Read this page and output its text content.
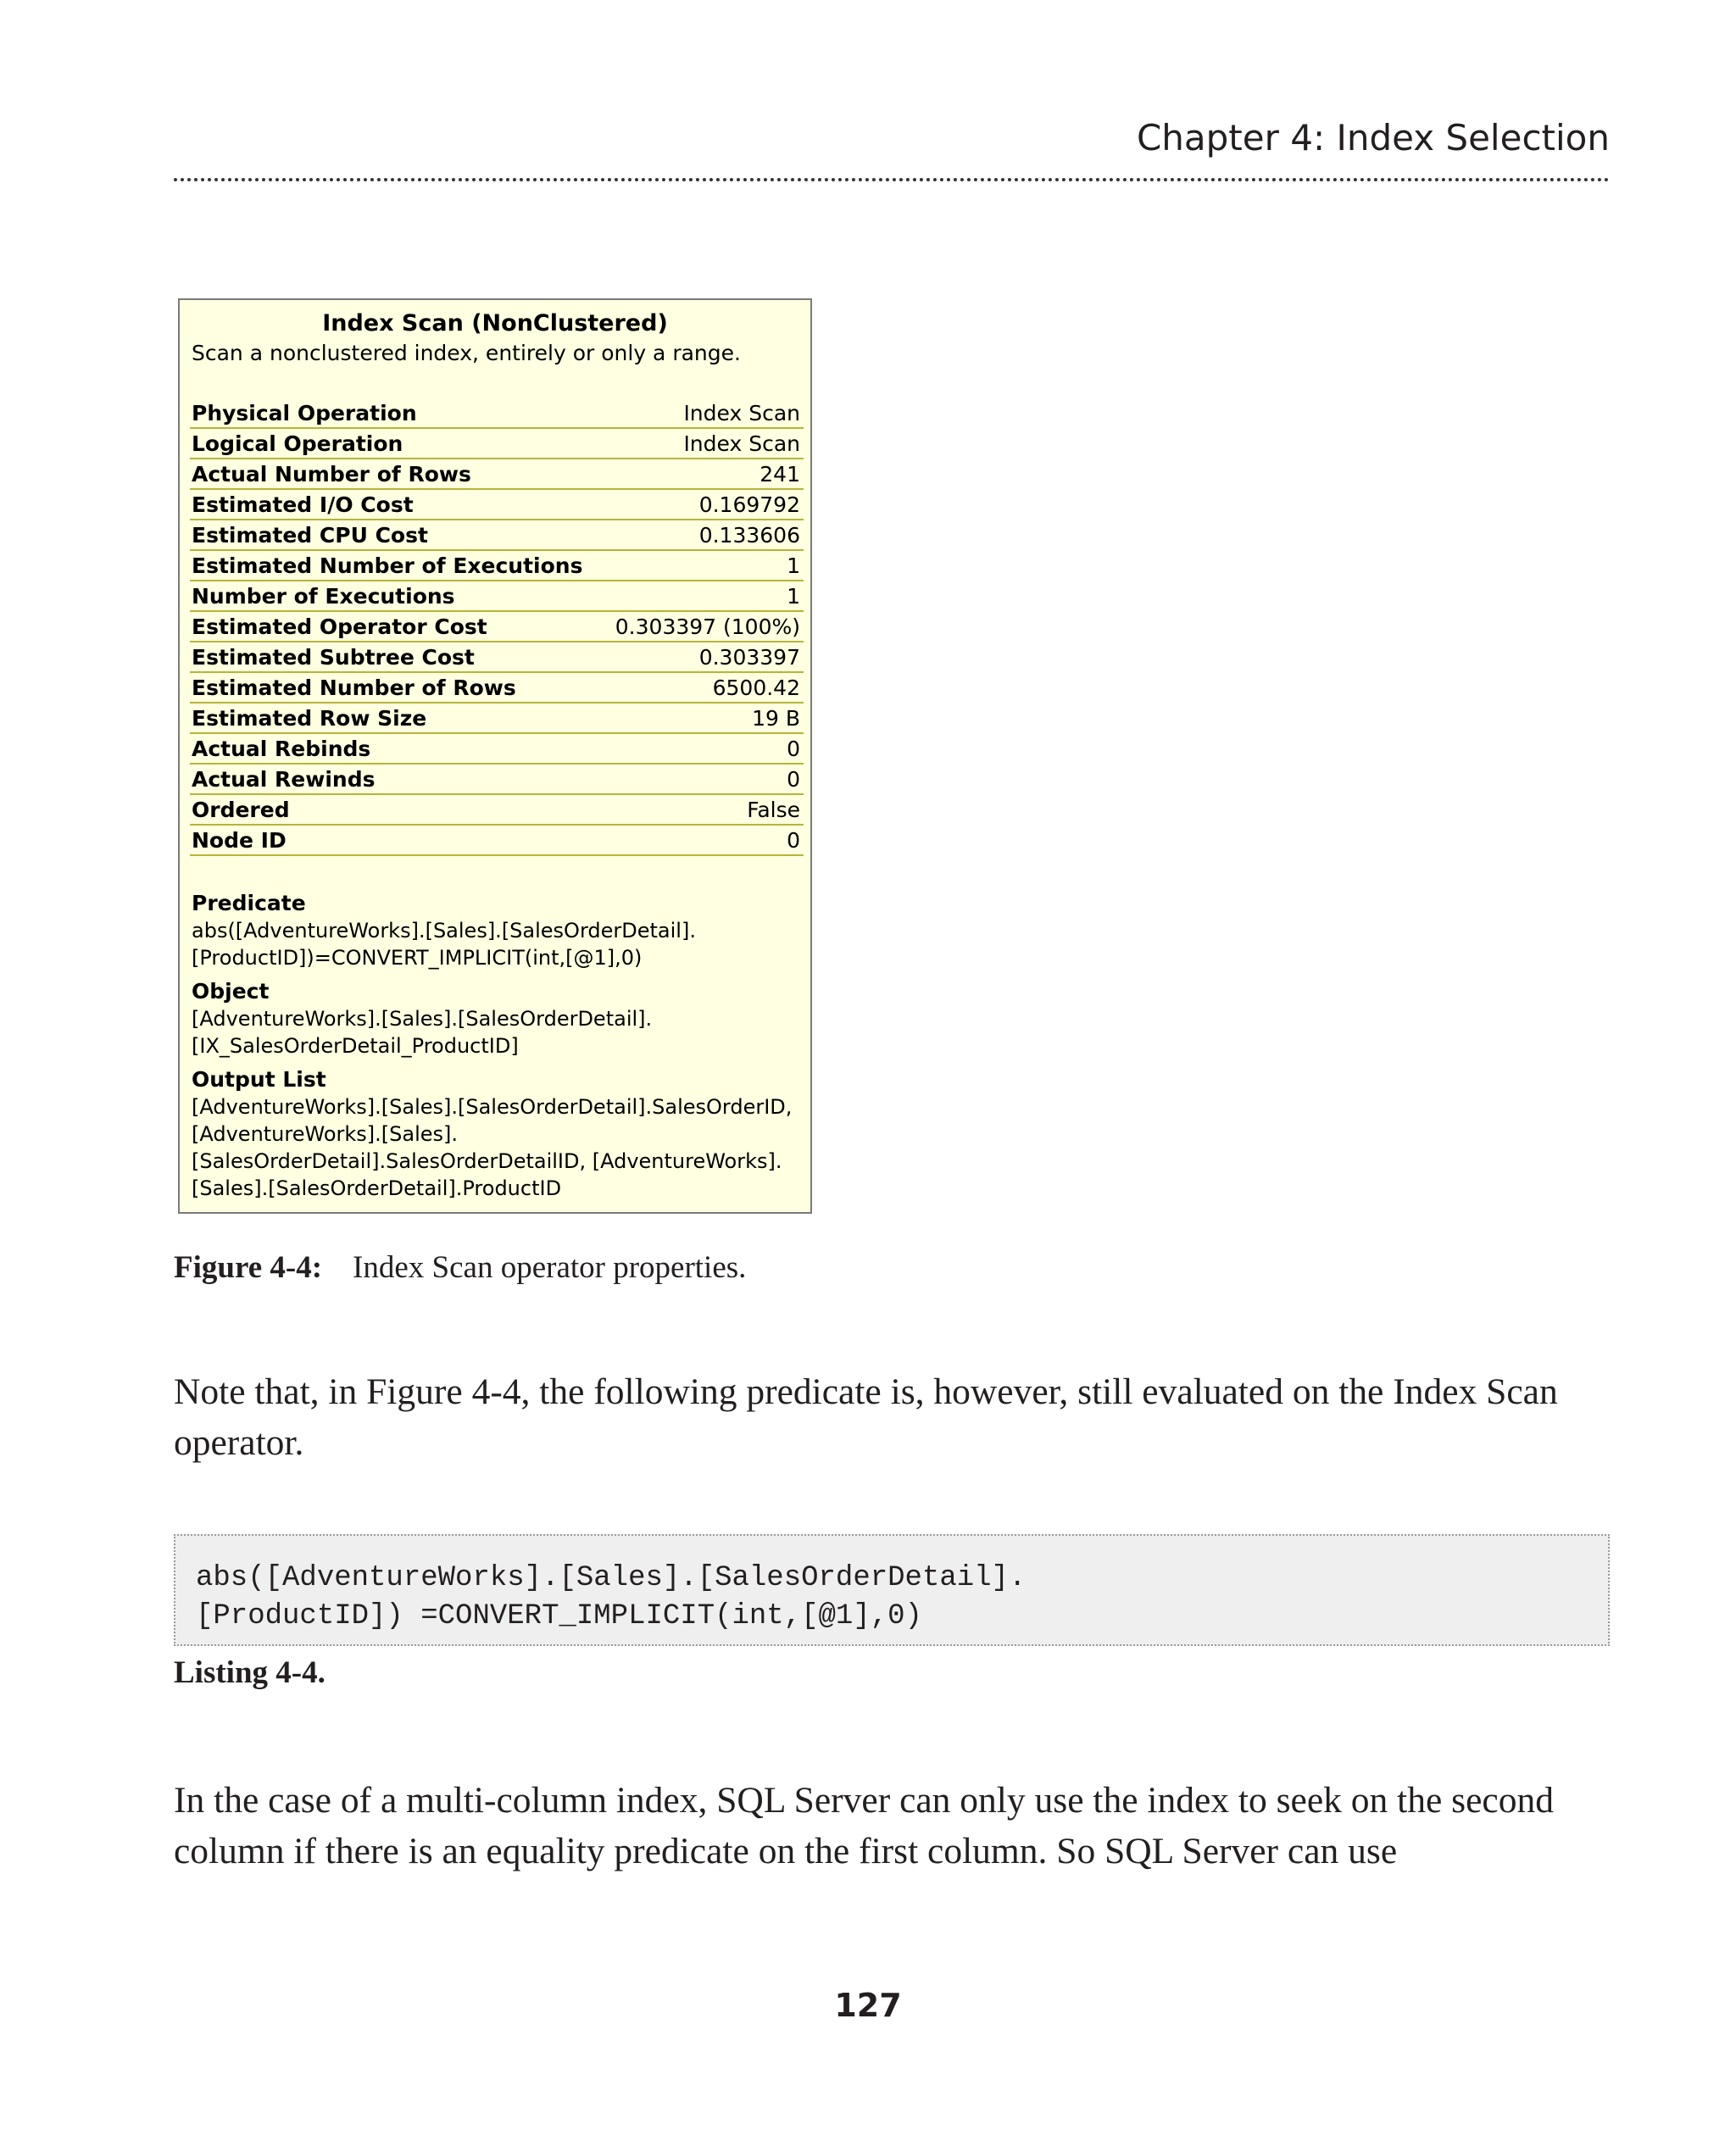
Chapter 4: Index Selection
Index Scan (NonClustered)
Scan a nonclustered index, entirely or only a range.
Physical Operation	Index Scan
Logical Operation	Index Scan
Actual Number of Rows	241
Estimated I/O Cost	0.169792
Estimated CPU Cost	0.133606
Estimated Number of Executions	1
Number of Executions	1
Estimated Operator Cost	0.303397 (100%)
Estimated Subtree Cost	0.303397
Estimated Number of Rows	6500.42
Estimated Row Size	19 B
Actual Rebinds	0
Actual Rewinds	0
Ordered	False
Node ID	0
Predicate
abs([AdventureWorks].[Sales].[SalesOrderDetail].
[ProductID])=CONVERT_IMPLICIT(int,[@1],0)
Object
[AdventureWorks].[Sales].[SalesOrderDetail].
[IX_SalesOrderDetail_ProductID]
Output List
[AdventureWorks].[Sales].[SalesOrderDetail].SalesOrderID,
[AdventureWorks].[Sales].
[SalesOrderDetail].SalesOrderDetailID, [AdventureWorks].
[Sales].[SalesOrderDetail].ProductID
Figure 4-4: Index Scan operator properties.
Note that, in Figure 4-4, the following predicate is, however, still evaluated on the Index Scan operator.
abs([AdventureWorks].[Sales].[SalesOrderDetail].
[ProductID]) =CONVERT_IMPLICIT(int,[@1],0)
Listing 4-4.
In the case of a multi-column index, SQL Server can only use the index to seek on the second column if there is an equality predicate on the first column. So SQL Server can use
127
